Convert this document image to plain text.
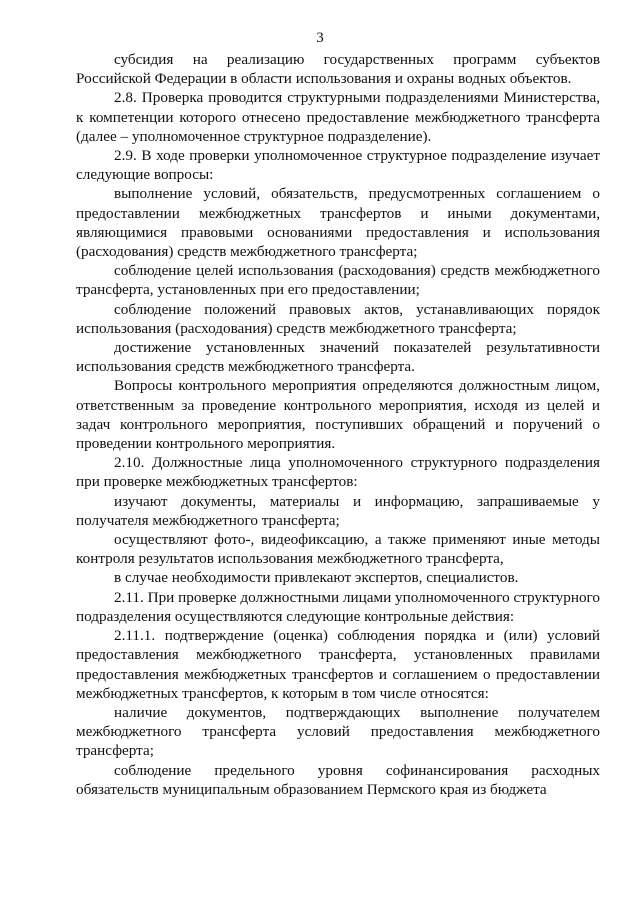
3

субсидия на реализацию государственных программ субъектов Российской Федерации в области использования и охраны водных объектов.

2.8. Проверка проводится структурными подразделениями Министерства, к компетенции которого отнесено предоставление межбюджетного трансферта (далее – уполномоченное структурное подразделение).

2.9. В ходе проверки уполномоченное структурное подразделение изучает следующие вопросы:

выполнение условий, обязательств, предусмотренных соглашением о предоставлении межбюджетных трансфертов и иными документами, являющимися правовыми основаниями предоставления и использования (расходования) средств межбюджетного трансферта;

соблюдение целей использования (расходования) средств межбюджетного трансферта, установленных при его предоставлении;

соблюдение положений правовых актов, устанавливающих порядок использования (расходования) средств межбюджетного трансферта;

достижение установленных значений показателей результативности использования средств межбюджетного трансферта.

Вопросы контрольного мероприятия определяются должностным лицом, ответственным за проведение контрольного мероприятия, исходя из целей и задач контрольного мероприятия, поступивших обращений и поручений о проведении контрольного мероприятия.

2.10. Должностные лица уполномоченного структурного подразделения при проверке межбюджетных трансфертов:

изучают документы, материалы и информацию, запрашиваемые у получателя межбюджетного трансферта;

осуществляют фото-, видеофиксацию, а также применяют иные методы контроля результатов использования межбюджетного трансферта,

в случае необходимости привлекают экспертов, специалистов.

2.11. При проверке должностными лицами уполномоченного структурного подразделения осуществляются следующие контрольные действия:

2.11.1. подтверждение (оценка) соблюдения порядка и (или) условий предоставления межбюджетного трансферта, установленных правилами предоставления межбюджетных трансфертов и соглашением о предоставлении межбюджетных трансфертов, к которым в том числе относятся:

наличие документов, подтверждающих выполнение получателем межбюджетного трансферта условий предоставления межбюджетного трансферта;

соблюдение предельного уровня софинансирования расходных обязательств муниципальным образованием Пермского края из бюджета
